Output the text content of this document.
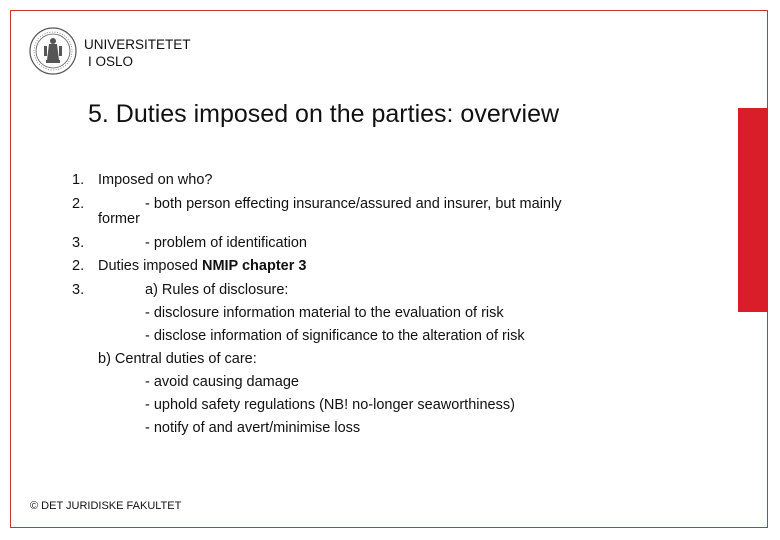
UNIVERSITETET
I OSLO
5. Duties imposed on the parties: overview
1. Imposed on who?
2.	- both person effecting insurance/assured and insurer, but mainly
former
3.	- problem of identification
2. Duties imposed NMIP chapter 3
3.	a) Rules of disclosure:
- disclosure information material to the evaluation of risk
- disclose information of significance to the alteration of risk
b) Central duties of care:
- avoid causing damage
- uphold safety regulations (NB! no-longer seaworthiness)
- notify of and avert/minimise loss
© DET JURIDISKE FAKULTET
